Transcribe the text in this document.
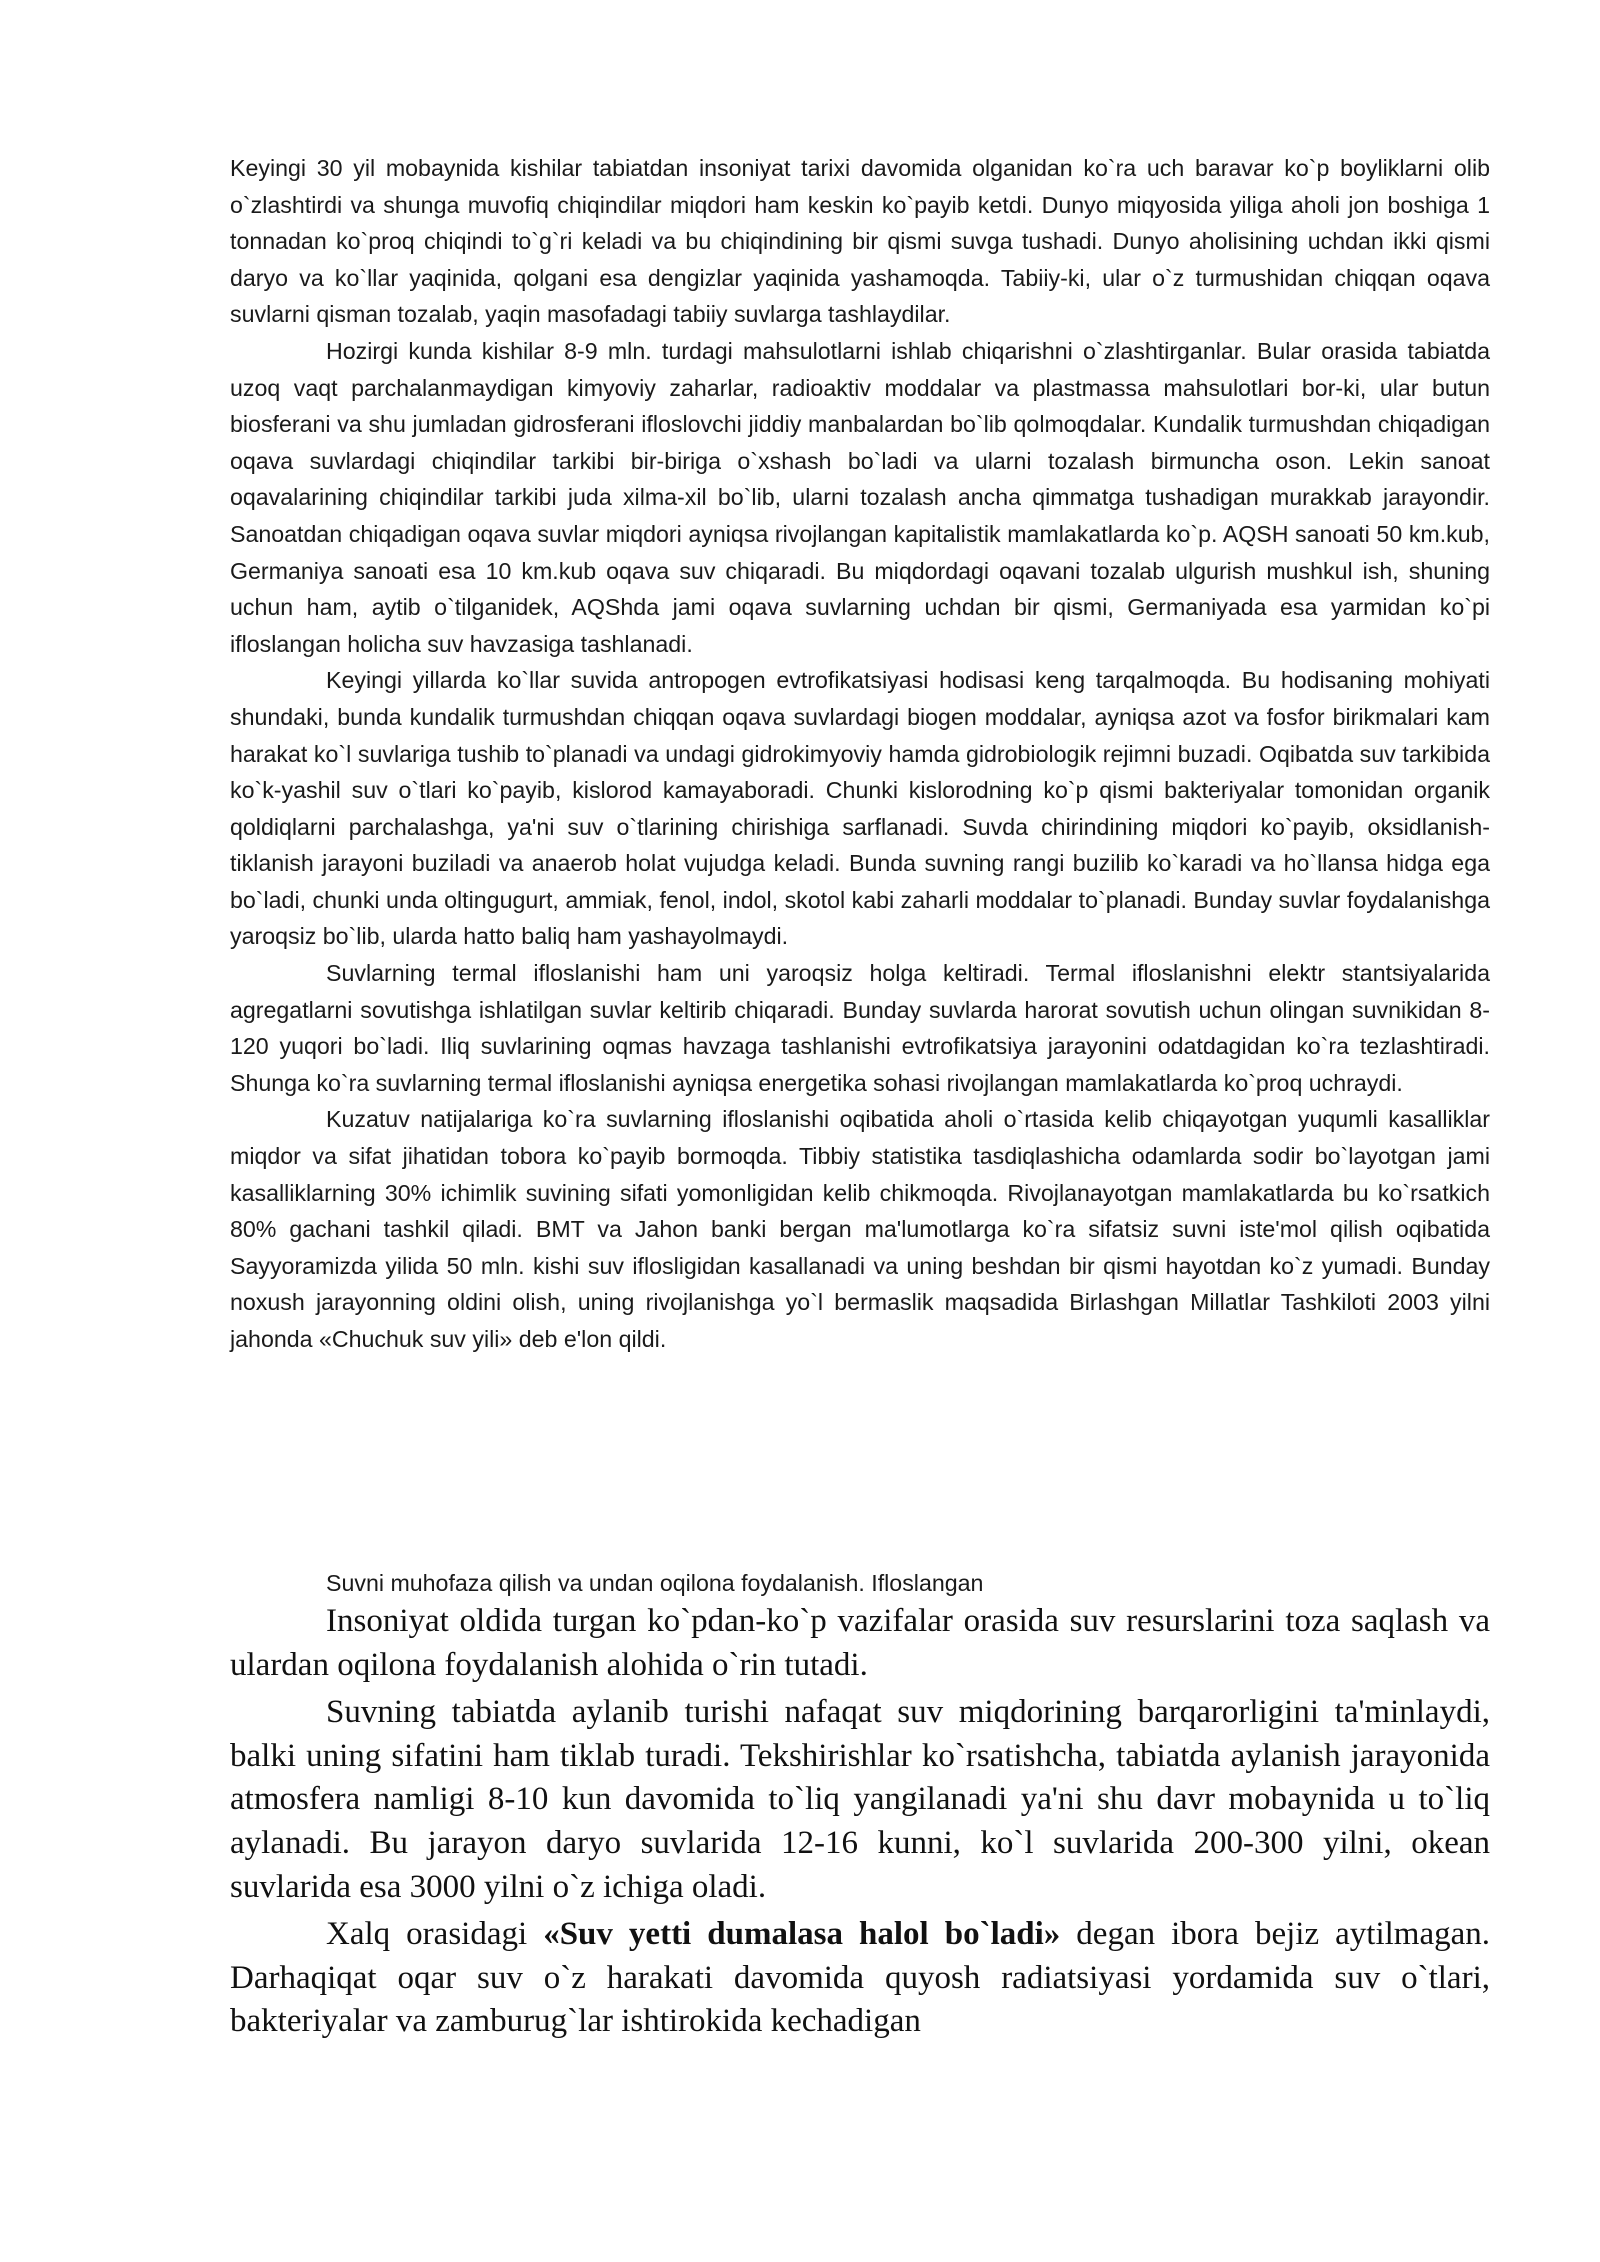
Keyingi 30 yil mobaynida kishilar tabiatdan insoniyat tarixi davomida olganidan ko`ra uch baravar ko`p boyliklarni olib o`zlashtirdi va shunga muvofiq chiqindilar miqdori ham keskin ko`payib ketdi. Dunyo miqyosida yiliga aholi jon boshiga 1 tonnadan ko`proq chiqindi to`g`ri keladi va bu chiqindining bir qismi suvga tushadi. Dunyo aholisining uchdan ikki qismi daryo va ko`llar yaqinida, qolgani esa dengizlar yaqinida yashamoqda. Tabiiy-ki, ular o`z turmushidan chiqqan oqava suvlarni qisman tozalab, yaqin masofadagi tabiiy suvlarga tashlaydilar.

Hozirgi kunda kishilar 8-9 mln. turdagi mahsulotlarni ishlab chiqarishni o`zlashtirganlar. Bular orasida tabiatda uzoq vaqt parchalanmaydigan kimyoviy zaharlar, radioaktiv moddalar va plastmassa mahsulotlari bor-ki, ular butun biosferani va shu jumladan gidrosferani ifloslovchi jiddiy manbalardan bo`lib qolmoqdalar. Kundalik turmushdan chiqadigan oqava suvlardagi chiqindilar tarkibi bir-biriga o`xshash bo`ladi va ularni tozalash birmuncha oson. Lekin sanoat oqavalarining chiqindilar tarkibi juda xilma-xil bo`lib, ularni tozalash ancha qimmatga tushadigan murakkab jarayondir. Sanoatdan chiqadigan oqava suvlar miqdori ayniqsa rivojlangan kapitalistik mamlakatlarda ko`p. AQSH sanoati 50 km.kub, Germaniya sanoati esa 10 km.kub oqava suv chiqaradi. Bu miqdordagi oqavani tozalab ulgurish mushkul ish, shuning uchun ham, aytib o`tilganidek, AQShda jami oqava suvlarning uchdan bir qismi, Germaniyada esa yarmidan ko`pi ifloslangan holicha suv havzasiga tashlanadi.

Keyingi yillarda ko`llar suvida antropogen evtrofikatsiyasi hodisasi keng tarqalmoqda. Bu hodisaning mohiyati shundaki, bunda kundalik turmushdan chiqqan oqava suvlardagi biogen moddalar, ayniqsa azot va fosfor birikmalari kam harakat ko`l suvlariga tushib to`planadi va undagi gidrokimyoviy hamda gidrobiologik rejimni buzadi. Oqibatda suv tarkibida ko`k-yashil suv o`tlari ko`payib, kislorod kamayaboradi. Chunki kislorodning ko`p qismi bakteriyalar tomonidan organik qoldiqlarni parchalashga, ya'ni suv o`tlarining chirishiga sarflanadi. Suvda chirindining miqdori ko`payib, oksidlanish-tiklanish jarayoni buziladi va anaerob holat vujudga keladi. Bunda suvning rangi buzilib ko`karadi va ho`llansa hidga ega bo`ladi, chunki unda oltingugurt, ammiak, fenol, indol, skotol kabi zaharli moddalar to`planadi. Bunday suvlar foydalanishga yaroqsiz bo`lib, ularda hatto baliq ham yashayolmaydi.

Suvlarning termal ifloslanishi ham uni yaroqsiz holga keltiradi. Termal ifloslanishni elektr stantsiyalarida agregatlarni sovutishga ishlatilgan suvlar keltirib chiqaradi. Bunday suvlarda harorat sovutish uchun olingan suvnikidan 8-120 yuqori bo`ladi. Iliq suvlarining oqmas havzaga tashlanishi evtrofikatsiya jarayonini odatdagidan ko`ra tezlashtiradi. Shunga ko`ra suvlarning termal ifloslanishi ayniqsa energetika sohasi rivojlangan mamlakatlarda ko`proq uchraydi.

Kuzatuv natijalariga ko`ra suvlarning ifloslanishi oqibatida aholi o`rtasida kelib chiqayotgan yuqumli kasalliklar miqdor va sifat jihatidan tobora ko`payib bormoqda. Tibbiy statistika tasdiqlashicha odamlarda sodir bo`layotgan jami kasalliklarning 30% ichimlik suvining sifati yomonligidan kelib chikmoqda. Rivojlanayotgan mamlakatlarda bu ko`rsatkich 80% gachani tashkil qiladi. BMT va Jahon banki bergan ma'lumotlarga ko`ra sifatsiz suvni iste'mol qilish oqibatida Sayyoramizda yilida 50 mln. kishi suv iflosligidan kasallanadi va uning beshdan bir qismi hayotdan ko`z yumadi. Bunday noxush jarayonning oldini olish, uning rivojlanishga yo`l bermaslik maqsadida Birlashgan Millatlar Tashkiloti 2003 yilni jahonda «Chuchuk suv yili» deb e'lon qildi.

Suvni muhofaza qilish va undan oqilona foydalanish. Ifloslangan

Insoniyat oldida turgan ko`pdan-ko`p vazifalar orasida suv resurslarini toza saqlash va ulardan oqilona foydalanish alohida o`rin tutadi.

Suvning tabiatda aylanib turishi nafaqat suv miqdorining barqarorligini ta'minlaydi, balki uning sifatini ham tiklab turadi. Tekshirishlar ko`rsatishcha, tabiatda aylanish jarayonida atmosfera namligi 8-10 kun davomida to`liq yangilanadi ya'ni shu davr mobaynida u to`liq aylanadi. Bu jarayon daryo suvlarida 12-16 kunni, ko`l suvlarida 200-300 yilni, okean suvlarida esa 3000 yilni o`z ichiga oladi.

Xalq orasidagi «Suv yetti dumalasa halol bo`ladi» degan ibora bejiz aytilmagan. Darhaqiqat oqar suv o`z harakati davomida quyosh radiatsiyasi yordamida suv o`tlari, bakteriyalar va zamburug`lar ishtirokida kechadigan
